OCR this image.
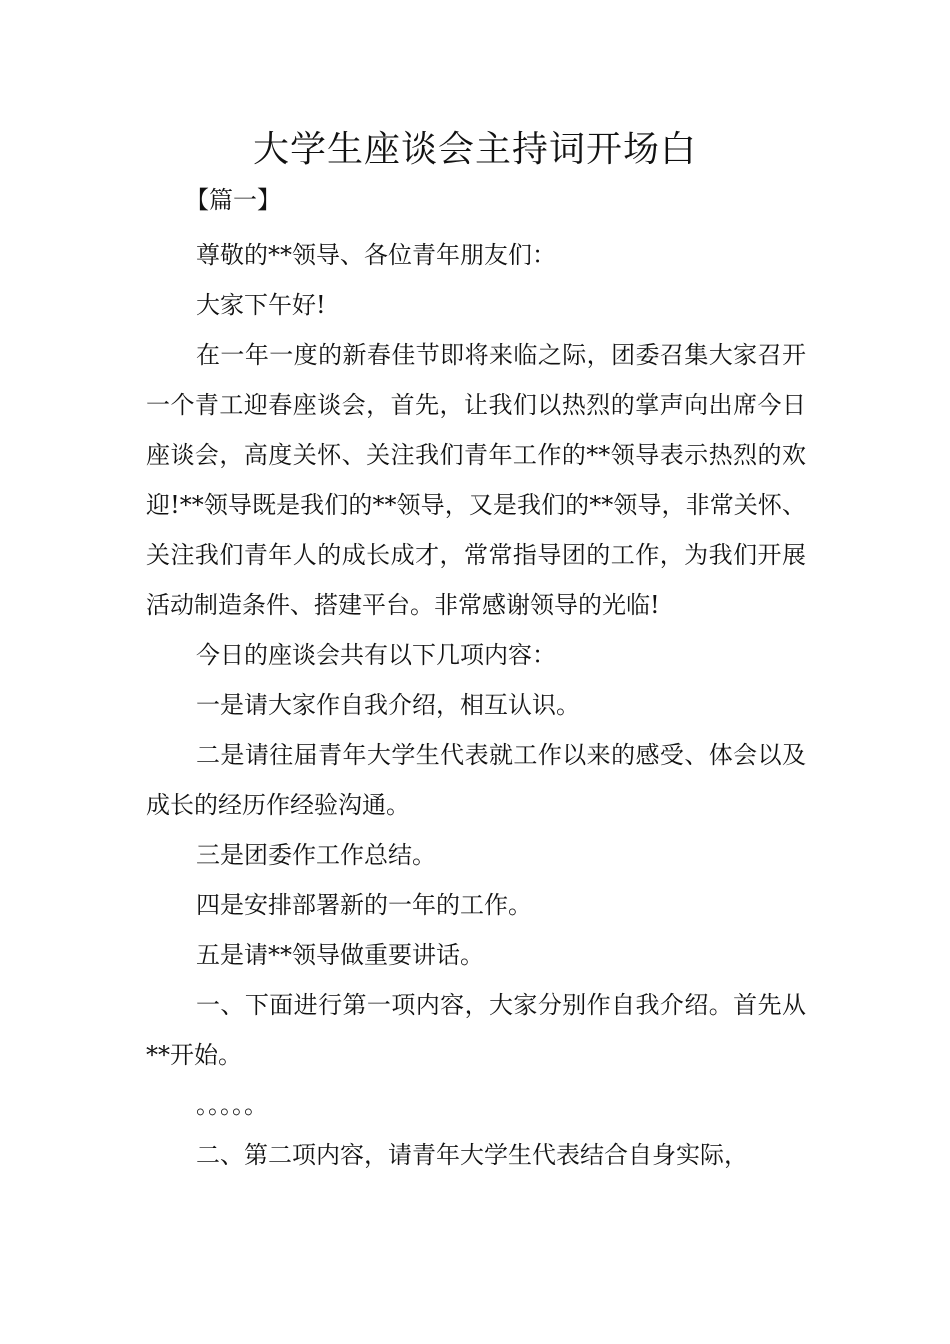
大学生座谈会主持词开场白
【篇一】

尊敬的**领导、各位青年朋友们：

大家下午好!

在一年一度的新春佳节即将来临之际，团委召集大家召开一个青工迎春座谈会，首先，让我们以热烈的掌声向出席今日座谈会，高度关怀、关注我们青年工作的**领导表示热烈的欢迎!**领导既是我们的**领导，又是我们的**领导，非常关怀、关注我们青年人的成长成才，常常指导团的工作，为我们开展活动制造条件、搭建平台。非常感谢领导的光临!

今日的座谈会共有以下几项内容：

一是请大家作自我介绍，相互认识。

二是请往届青年大学生代表就工作以来的感受、体会以及成长的经历作经验沟通。

三是团委作工作总结。

四是安排部署新的一年的工作。

五是请**领导做重要讲话。

一、下面进行第一项内容，大家分别作自我介绍。首先从**开始。

。。。。。

二、第二项内容，请青年大学生代表结合自身实际，
